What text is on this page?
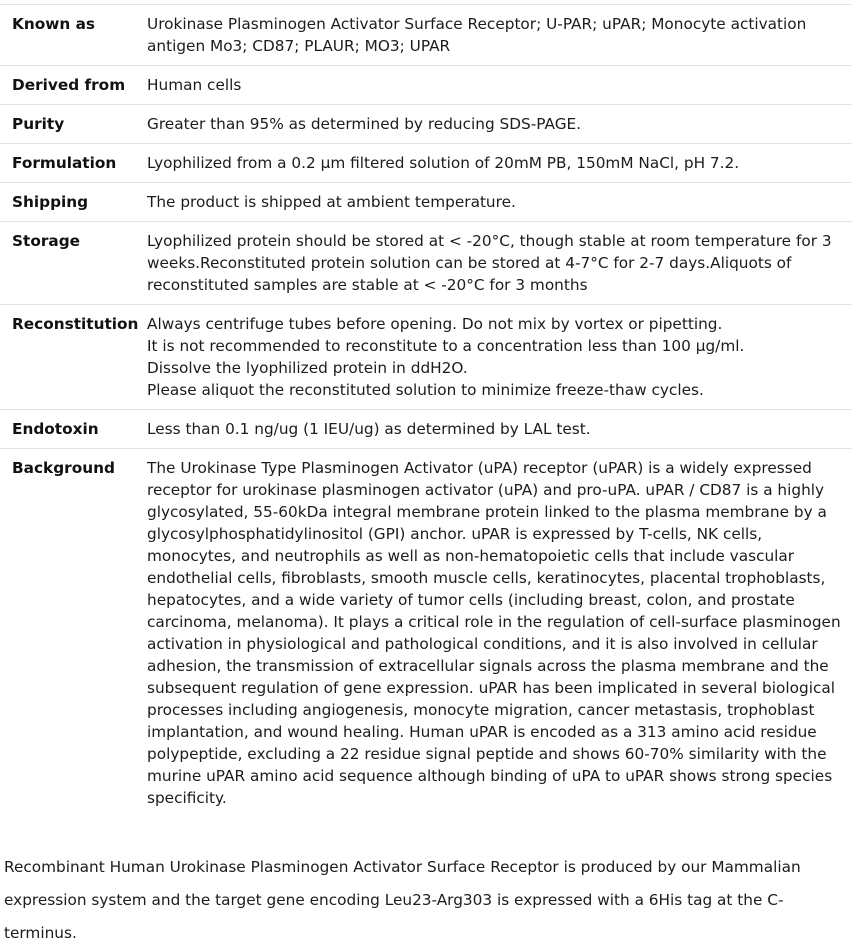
Known as	Urokinase Plasminogen Activator Surface Receptor; U-PAR; uPAR; Monocyte activation antigen Mo3; CD87; PLAUR; MO3; UPAR

Derived from	Human cells

Purity	Greater than 95% as determined by reducing SDS-PAGE.

Formulation	Lyophilized from a 0.2 μm filtered solution of 20mM PB, 150mM NaCl, pH 7.2.

Shipping	The product is shipped at ambient temperature.

Storage	Lyophilized protein should be stored at < -20°C, though stable at room temperature for 3 weeks.Reconstituted protein solution can be stored at 4-7°C for 2-7 days.Aliquots of reconstituted samples are stable at < -20°C for 3 months

Reconstitution	Always centrifuge tubes before opening. Do not mix by vortex or pipetting.
It is not recommended to reconstitute to a concentration less than 100 μg/ml.
Dissolve the lyophilized protein in ddH2O.
Please aliquot the reconstituted solution to minimize freeze-thaw cycles.

Endotoxin	Less than 0.1 ng/ug (1 IEU/ug) as determined by LAL test.

Background	The Urokinase Type Plasminogen Activator (uPA) receptor (uPAR) is a widely expressed receptor for urokinase plasminogen activator (uPA) and pro-uPA. uPAR / CD87 is a highly glycosylated, 55-60kDa integral membrane protein linked to the plasma membrane by a glycosylphosphatidylinositol (GPI) anchor. uPAR is expressed by T-cells, NK cells, monocytes, and neutrophils as well as non-hematopoietic cells that include vascular endothelial cells, fibroblasts, smooth muscle cells, keratinocytes, placental trophoblasts, hepatocytes, and a wide variety of tumor cells (including breast, colon, and prostate carcinoma, melanoma). It plays a critical role in the regulation of cell-surface plasminogen activation in physiological and pathological conditions, and it is also involved in cellular adhesion, the transmission of extracellular signals across the plasma membrane and the subsequent regulation of gene expression. uPAR has been implicated in several biological processes including angiogenesis, monocyte migration, cancer metastasis, trophoblast implantation, and wound healing. Human uPAR is encoded as a 313 amino acid residue polypeptide, excluding a 22 residue signal peptide and shows 60-70% similarity with the murine uPAR amino acid sequence although binding of uPA to uPAR shows strong species specificity.

Recombinant Human Urokinase Plasminogen Activator Surface Receptor is produced by our Mammalian expression system and the target gene encoding Leu23-Arg303 is expressed with a 6His tag at the C-terminus.
